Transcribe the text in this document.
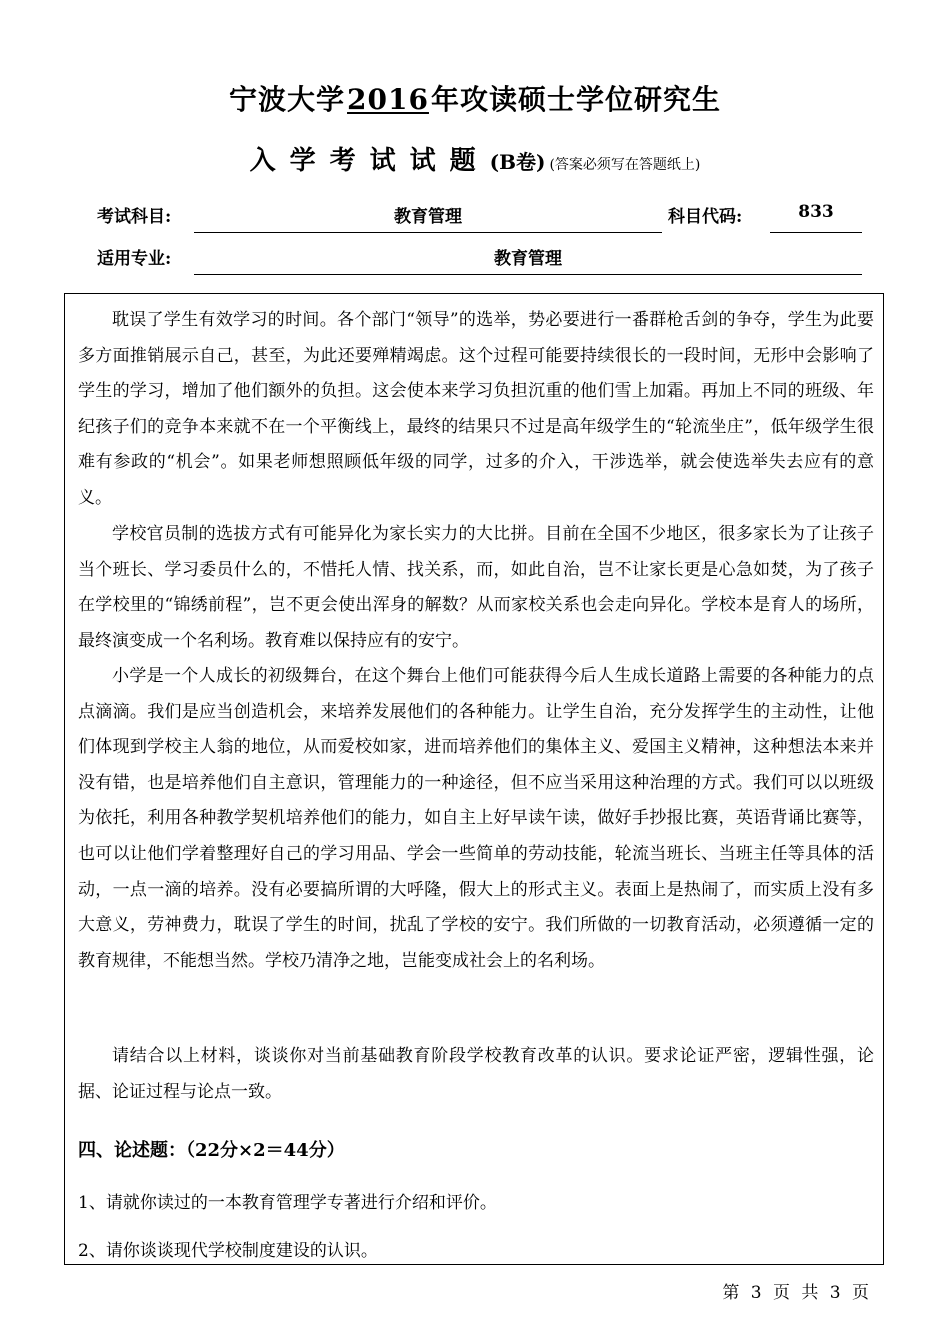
宁波大学2016年攻读硕士学位研究生
入学考试试题(B卷) (答案必须写在答题纸上)
考试科目:	教育管理	科目代码:	833
适用专业:	教育管理

耽误了学生有效学习的时间。各个部门“领导”的选举，势必要进行一番群枪舌剑的争夺，学生为此要多方面推销展示自己，甚至，为此还要殚精竭虑。这个过程可能要持续很长的一段时间，无形中会影响了学生的学习，增加了他们额外的负担。这会使本来学习负担沉重的他们雪上加霜。再加上不同的班级、年纪孩子们的竞争本来就不在一个平衡线上，最终的结果只不过是高年级学生的“轮流坐庄”，低年级学生很难有参政的“机会”。如果老师想照顾低年级的同学，过多的介入，干涉选举，就会使选举失去应有的意义。

学校官员制的选拔方式有可能异化为家长实力的大比拼。目前在全国不少地区，很多家长为了让孩子当个班长、学习委员什么的，不惜托人情、找关系，而，如此自治，岂不让家长更是心急如焚，为了孩子在学校里的“锦绣前程”，岂不更会使出浑身的解数？从而家校关系也会走向异化。学校本是育人的场所，最终演变成一个名利场。教育难以保持应有的安宁。

小学是一个人成长的初级舞台，在这个舞台上他们可能获得今后人生成长道路上需要的各种能力的点点滴滴。我们是应当创造机会，来培养发展他们的各种能力。让学生自治，充分发挥学生的主动性，让他们体现到学校主人翁的地位，从而爱校如家，进而培养他们的集体主义、爱国主义精神，这种想法本来并没有错，也是培养他们自主意识，管理能力的一种途径，但不应当采用这种治理的方式。我们可以以班级为依托，利用各种教学契机培养他们的能力，如自主上好早读午读，做好手抄报比赛，英语背诵比赛等，也可以让他们学着整理好自己的学习用品、学会一些简单的劳动技能，轮流当班长、当班主任等具体的活动，一点一滴的培养。没有必要搞所谓的大呼隆，假大上的形式主义。表面上是热闹了，而实质上没有多大意义，劳神费力，耽误了学生的时间，扰乱了学校的安宁。我们所做的一切教育活动，必须遵循一定的教育规律，不能想当然。学校乃清净之地，岂能变成社会上的名利场。

请结合以上材料，谈谈你对当前基础教育阶段学校教育改革的认识。要求论证严密，逻辑性强，论据、论证过程与论点一致。

四、论述题：（22分×2＝44分）

1、请就你读过的一本教育管理学专著进行介绍和评价。

2、请你谈谈现代学校制度建设的认识。

第 3 页 共 3 页
